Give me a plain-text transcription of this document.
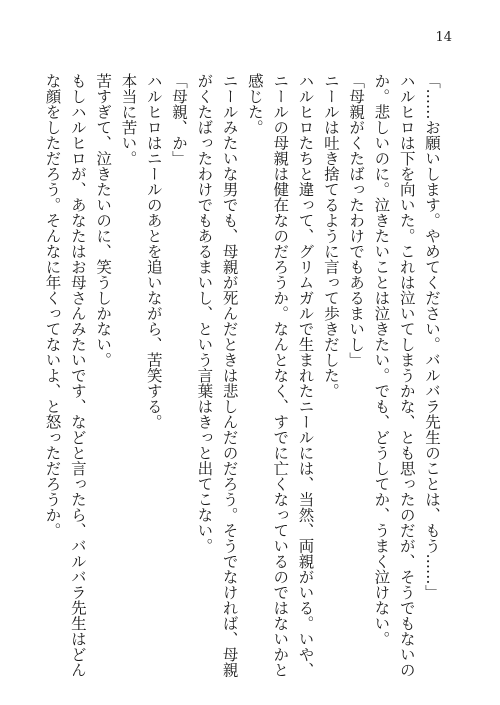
14
「……お願いします。やめてください。バルバラ先生のことは、もう……」
ハルヒロは下を向いた。これは泣いてしまうかな、とも思ったのだが、そうでもないの
か。悲しいのに。泣きたいことは泣きたい。でも、どうしてか、うまく泣けない。
「母親がくたばったわけでもあるまいし」
ニールは吐き捨てるように言って歩きだした。
ハルヒロたちと違って、グリムガルで生まれたニールには、当然、両親がいる。いや、
ニールの母親は健在なのだろうか。なんとなく、すでに亡くなっているのではないかと
感じた。
ニールみたいな男でも、母親が死んだときは悲しんだのだろう。そうでなければ、母親
がくたばったわけでもあるまいし、という言葉はきっと出てこない。
「母親、か」
ハルヒロはニールのあとを追いながら、苦笑する。
本当に苦い。
苦すぎて、泣きたいのに、笑うしかない。
もしハルヒロが、あなたはお母さんみたいです、などと言ったら、バルバラ先生はどん
な顔をしただろう。そんなに年くってないよ、と怒っただろうか。
